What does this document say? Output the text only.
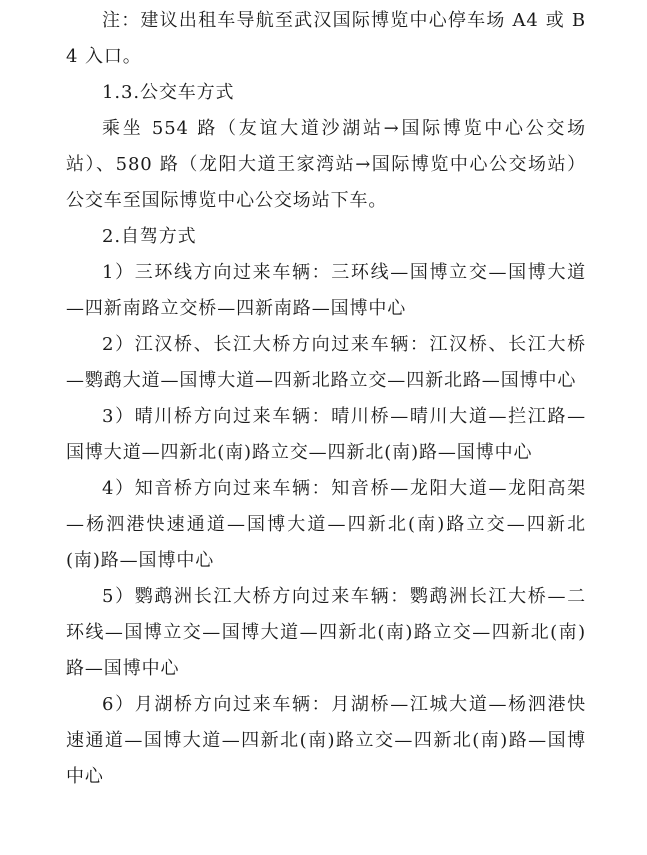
注：建议出租车导航至武汉国际博览中心停车场 A4 或 B4 入口。

1.3.公交车方式

乘坐 554 路（友谊大道沙湖站→国际博览中心公交场站）、580 路（龙阳大道王家湾站→国际博览中心公交场站）公交车至国际博览中心公交场站下车。

2.自驾方式

1）三环线方向过来车辆：三环线—国博立交—国博大道—四新南路立交桥—四新南路—国博中心

2）江汉桥、长江大桥方向过来车辆：江汉桥、长江大桥—鹦鹉大道—国博大道—四新北路立交—四新北路—国博中心

3）晴川桥方向过来车辆：晴川桥—晴川大道—拦江路—国博大道—四新北(南)路立交—四新北(南)路—国博中心

4）知音桥方向过来车辆：知音桥—龙阳大道—龙阳高架—杨泗港快速通道—国博大道—四新北(南)路立交—四新北(南)路—国博中心

5）鹦鹉洲长江大桥方向过来车辆：鹦鹉洲长江大桥—二环线—国博立交—国博大道—四新北(南)路立交—四新北(南)路—国博中心

6）月湖桥方向过来车辆：月湖桥—江城大道—杨泗港快速通道—国博大道—四新北(南)路立交—四新北(南)路—国博中心
